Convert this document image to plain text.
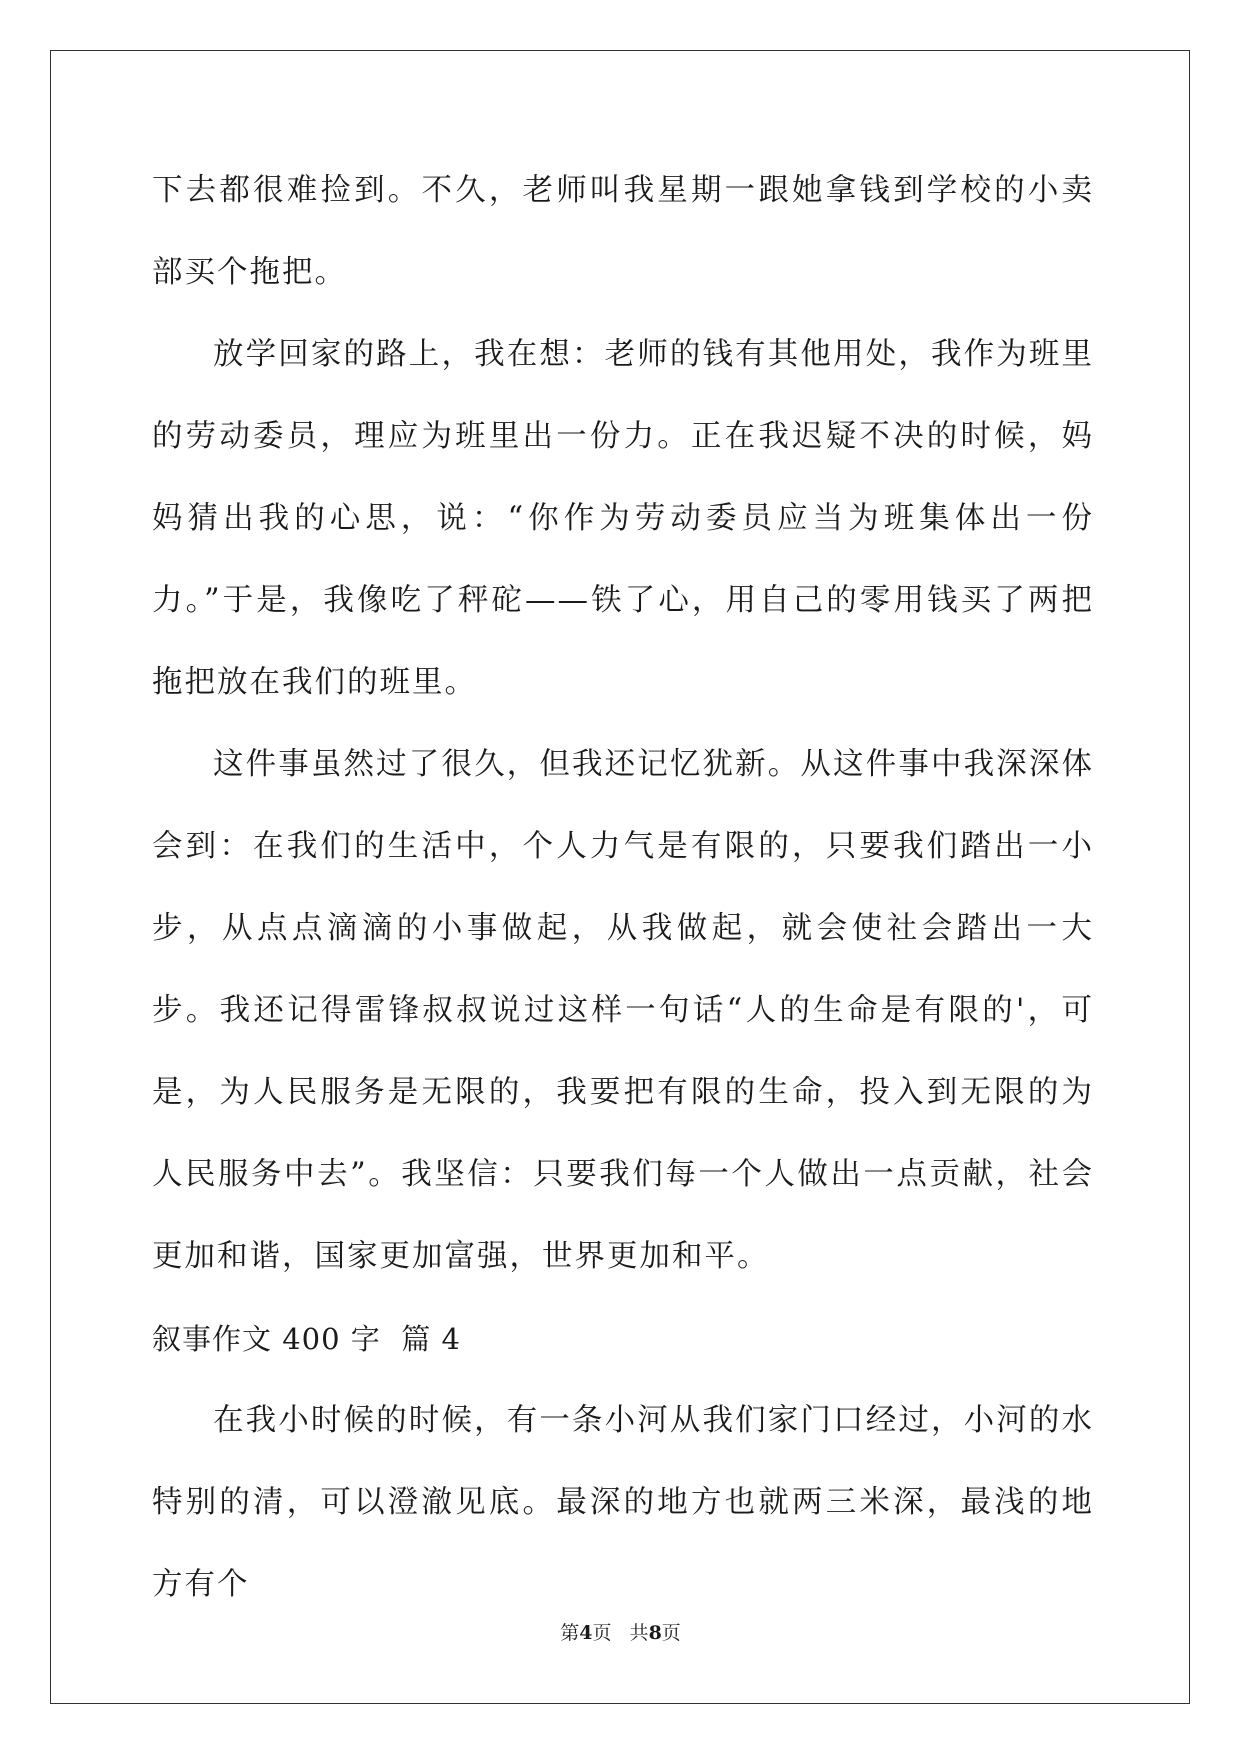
下去都很难捡到。不久，老师叫我星期一跟她拿钱到学校的小卖部买个拖把。

放学回家的路上，我在想：老师的钱有其他用处，我作为班里的劳动委员，理应为班里出一份力。正在我迟疑不决的时候，妈妈猜出我的心思，说：“你作为劳动委员应当为班集体出一份力。”于是，我像吃了秤砣——铁了心，用自己的零用钱买了两把拖把放在我们的班里。

这件事虽然过了很久，但我还记忆犹新。从这件事中我深深体会到：在我们的生活中，个人力气是有限的，只要我们踏出一小步，从点点滴滴的小事做起，从我做起，就会使社会踏出一大步。我还记得雷锋叔叔说过这样一句话“人的生命是有限的'，可是，为人民服务是无限的，我要把有限的生命，投入到无限的为人民服务中去”。我坚信：只要我们每一个人做出一点贡献，社会更加和谐，国家更加富强，世界更加和平。

叙事作文 400 字  篇 4

在我小时候的时候，有一条小河从我们家门口经过，小河的水特别的清，可以澄澈见底。最深的地方也就两三米深，最浅的地方有个

第4页   共8页
